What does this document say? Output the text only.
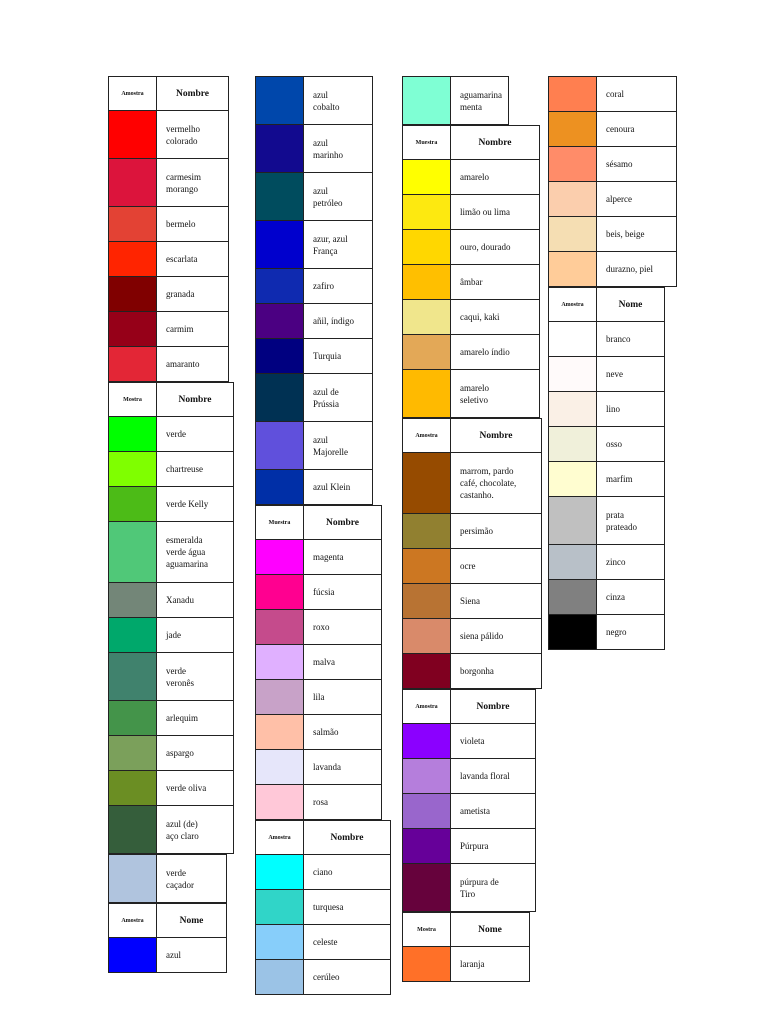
Amostra	Nombre
	vermelho
colorado
	carmesim
morango
	bermelo
	escarlata
	granada
	carmim
	amaranto
Mostra	Nombre
	verde
	chartreuse
	verde Kelly
	esmeralda
verde água
aguamarina
	Xanadu
	jade
	verde
veronês
	arlequim
	aspargo
	verde oliva
	azul (de)
aço claro
	verde
caçador
Amostra	Nome
	azul
	azul
cobalto
	azul
marinho
	azul
petróleo
	azur, azul
França
	zafiro
	añil, índigo
	Turquia
	azul de
Prússia
	azul
Majorelle
	azul Klein
Muestra	Nombre
	magenta
	fúcsia
	roxo
	malva
	lila
	salmão
	lavanda
	rosa
Amostra	Nombre
	ciano
	turquesa
	celeste
	cerúleo
	aguamarina
menta
Muestra	Nombre
	amarelo
	limão ou lima
	ouro, dourado
	âmbar
	caqui, kaki
	amarelo índio
	amarelo
seletivo
Amostra	Nombre
	marrom, pardo
café, chocolate,
castanho.
	persimão
	ocre
	Siena
	siena pálido
	borgonha
Amostra	Nombre
	violeta
	lavanda floral
	ametista
	Púrpura
	púrpura de
Tiro
Mostra	Nome
	laranja
	coral
	cenoura
	sésamo
	alperce
	beis, beige
	durazno, piel
Amostra	Nome
	branco
	neve
	lino
	osso
	marfim
	prata
prateado
	zinco
	cinza
	negro
